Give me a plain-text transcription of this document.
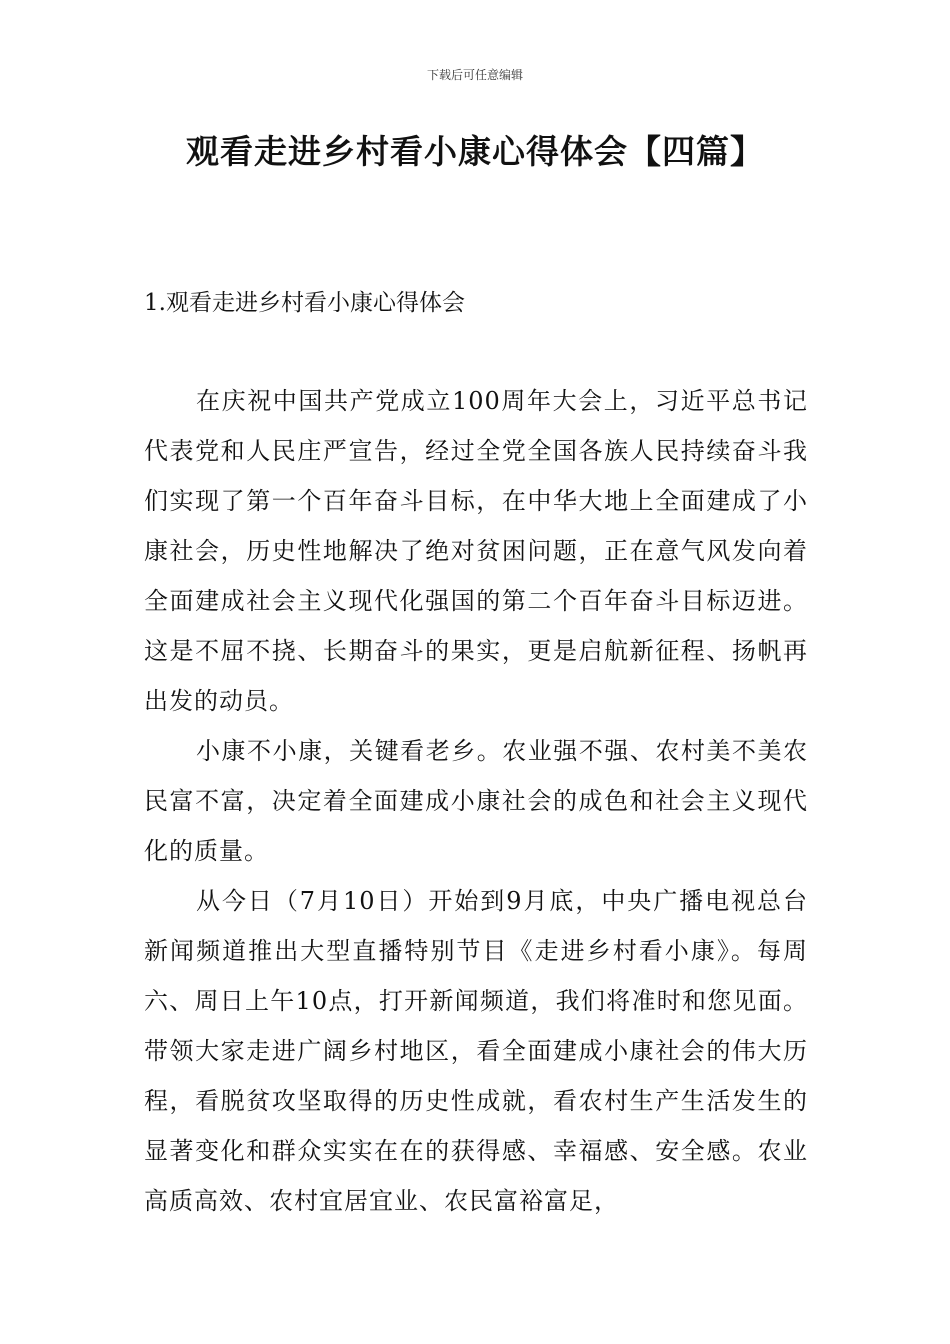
下载后可任意编辑
观看走进乡村看小康心得体会【四篇】
1.观看走进乡村看小康心得体会

在庆祝中国共产党成立100周年大会上，习近平总书记代表党和人民庄严宣告，经过全党全国各族人民持续奋斗我们实现了第一个百年奋斗目标，在中华大地上全面建成了小康社会，历史性地解决了绝对贫困问题，正在意气风发向着全面建成社会主义现代化强国的第二个百年奋斗目标迈进。这是不屈不挠、长期奋斗的果实，更是启航新征程、扬帆再出发的动员。

小康不小康，关键看老乡。农业强不强、农村美不美农民富不富，决定着全面建成小康社会的成色和社会主义现代化的质量。

从今日（7月10日）开始到9月底，中央广播电视总台新闻频道推出大型直播特别节目《走进乡村看小康》。每周六、周日上午10点，打开新闻频道，我们将准时和您见面。带领大家走进广阔乡村地区，看全面建成小康社会的伟大历程，看脱贫攻坚取得的历史性成就，看农村生产生活发生的显著变化和群众实实在在的获得感、幸福感、安全感。农业高质高效、农村宜居宜业、农民富裕富足，
